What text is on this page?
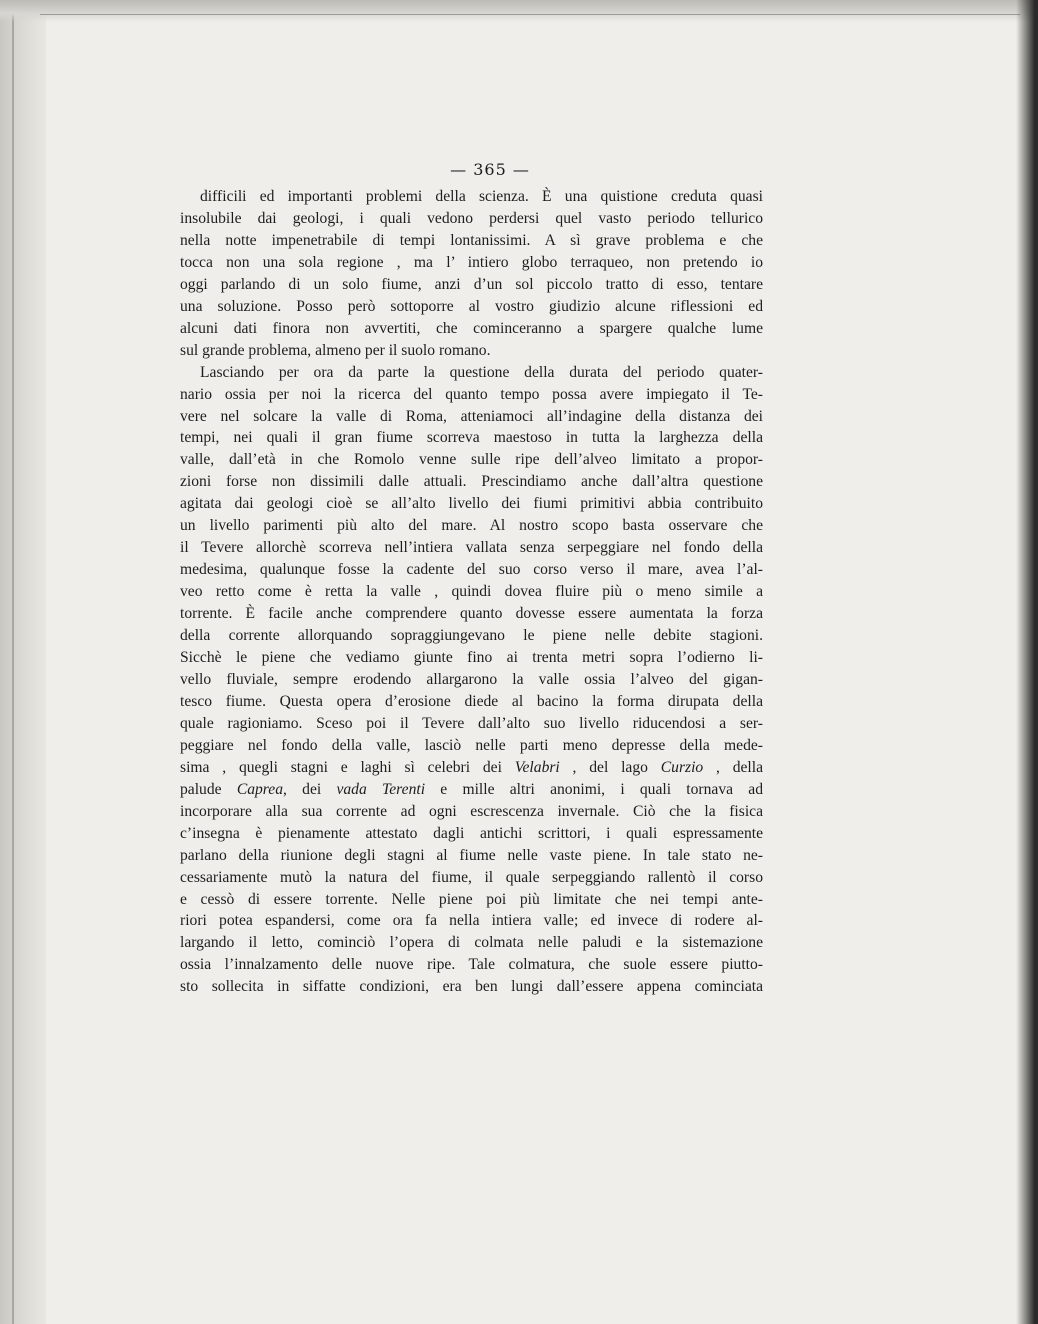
— 365 —

difficili ed importanti problemi della scienza. È una quistione creduta quasi
insolubile dai geologi, i quali vedono perdersi quel vasto periodo tellurico
nella notte impenetrabile di tempi lontanissimi. A sì grave problema e che
tocca non una sola regione , ma l’ intiero globo terraqueo, non pretendo io
oggi parlando di un solo fiume, anzi d’un sol piccolo tratto di esso, tentare
una soluzione. Posso però sottoporre al vostro giudizio alcune riflessioni ed
alcuni dati finora non avvertiti, che cominceranno a spargere qualche lume
sul grande problema, almeno per il suolo romano.

Lasciando per ora da parte la questione della durata del periodo quater-
nario ossia per noi la ricerca del quanto tempo possa avere impiegato il Te-
vere nel solcare la valle di Roma, atteniamoci all’indagine della distanza dei
tempi, nei quali il gran fiume scorreva maestoso in tutta la larghezza della
valle, dall’età in che Romolo venne sulle ripe dell’alveo limitato a propor-
zioni forse non dissimili dalle attuali. Prescindiamo anche dall’altra questione
agitata dai geologi cioè se all’alto livello dei fiumi primitivi abbia contribuito
un livello parimenti più alto del mare. Al nostro scopo basta osservare che
il Tevere allorchè scorreva nell’intiera vallata senza serpeggiare nel fondo della
medesima, qualunque fosse la cadente del suo corso verso il mare, avea l’al-
veo retto come è retta la valle , quindi dovea fluire più o meno simile a
torrente. È facile anche comprendere quanto dovesse essere aumentata la forza
della corrente allorquando sopraggiungevano le piene nelle debite stagioni.
Sicchè le piene che vediamo giunte fino ai trenta metri sopra l’odierno li-
vello fluviale, sempre erodendo allargarono la valle ossia l’alveo del gigan-
tesco fiume. Questa opera d’erosione diede al bacino la forma dirupata della
quale ragioniamo. Sceso poi il Tevere dall’alto suo livello riducendosi a ser-
peggiare nel fondo della valle, lasciò nelle parti meno depresse della mede-
sima , quegli stagni e laghi sì celebri dei Velabri , del lago Curzio , della
palude Caprea, dei vada Terenti e mille altri anonimi, i quali tornava ad
incorporare alla sua corrente ad ogni escrescenza invernale. Ciò che la fisica
c’insegna è pienamente attestato dagli antichi scrittori, i quali espressamente
parlano della riunione degli stagni al fiume nelle vaste piene. In tale stato ne-
cessariamente mutò la natura del fiume, il quale serpeggiando rallentò il corso
e cessò di essere torrente. Nelle piene poi più limitate che nei tempi ante-
riori potea espandersi, come ora fa nella intiera valle; ed invece di rodere al-
largando il letto, cominciò l’opera di colmata nelle paludi e la sistemazione
ossia l’innalzamento delle nuove ripe. Tale colmatura, che suole essere piutto-
sto sollecita in siffatte condizioni, era ben lungi dall’essere appena cominciata
